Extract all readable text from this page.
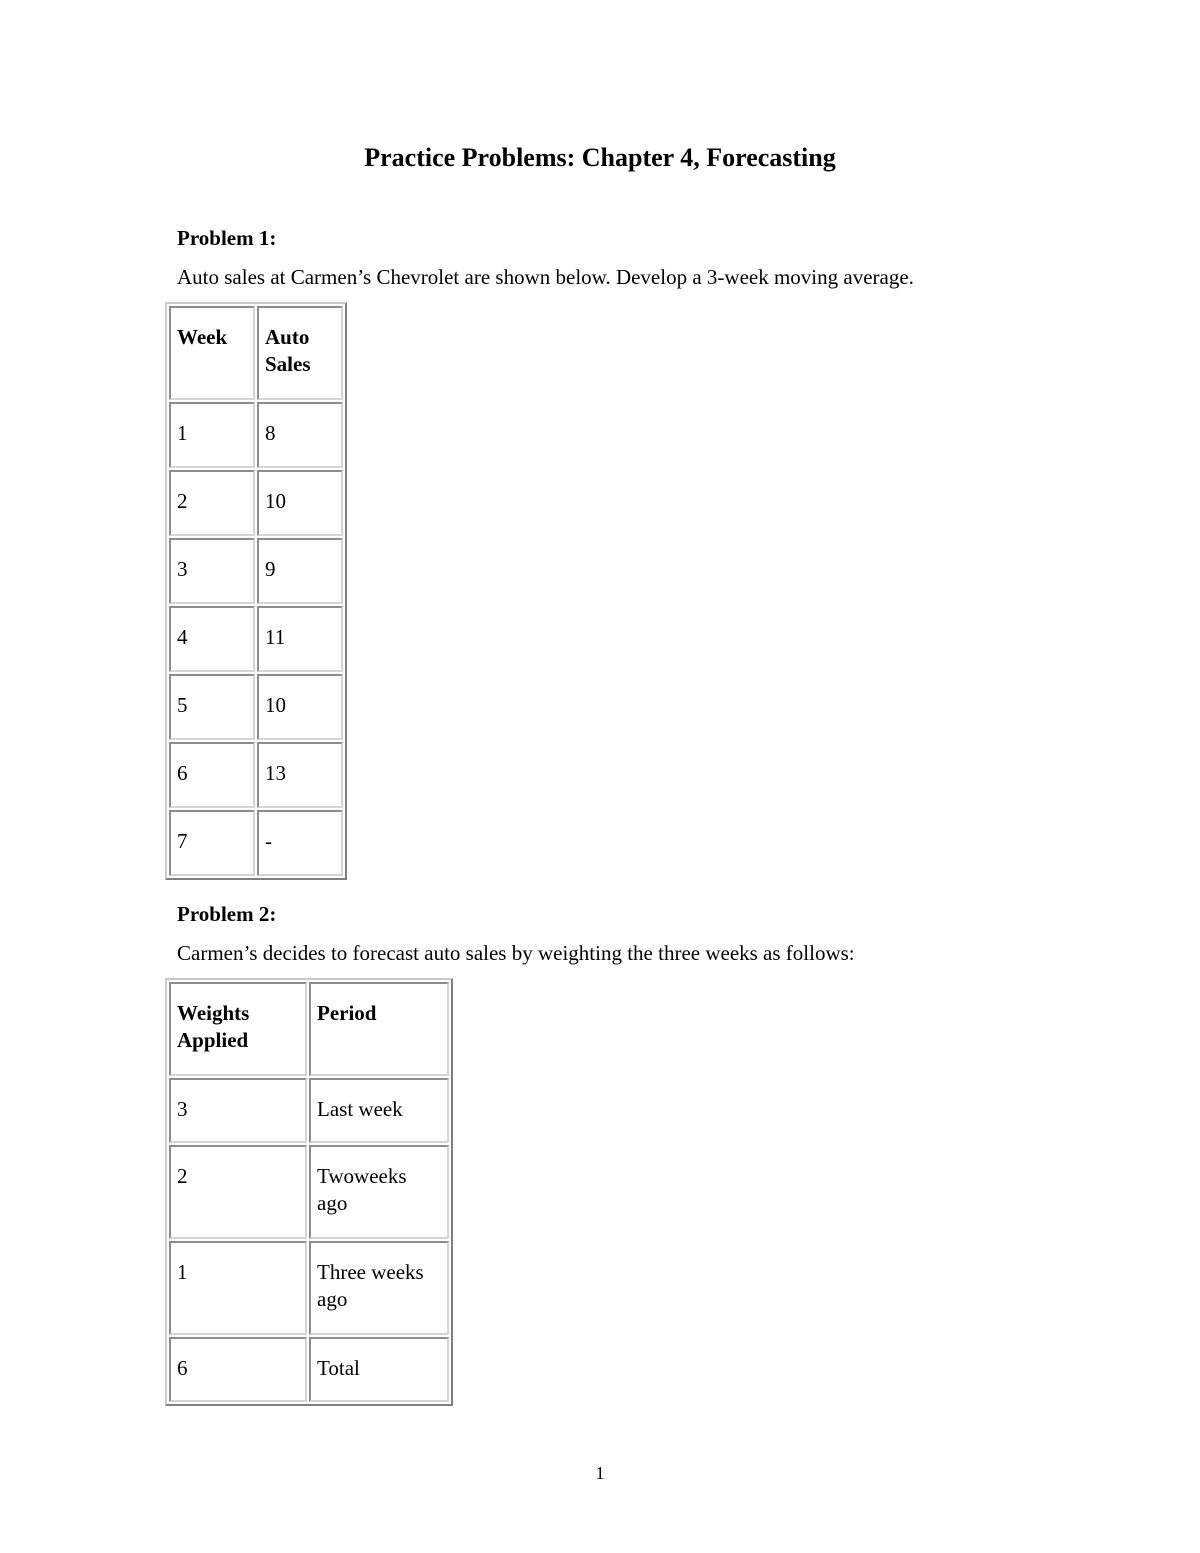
Practice Problems: Chapter 4, Forecasting

Problem 1:

Auto sales at Carmen’s Chevrolet are shown below. Develop a 3-week moving average.

Week	Auto Sales
1	8
2	10
3	9
4	11
5	10
6	13
7	-

Problem 2:

Carmen’s decides to forecast auto sales by weighting the three weeks as follows:

Weights Applied	Period
3	Last week
2	Twoweeks ago
1	Three weeks ago
6	Total
1
